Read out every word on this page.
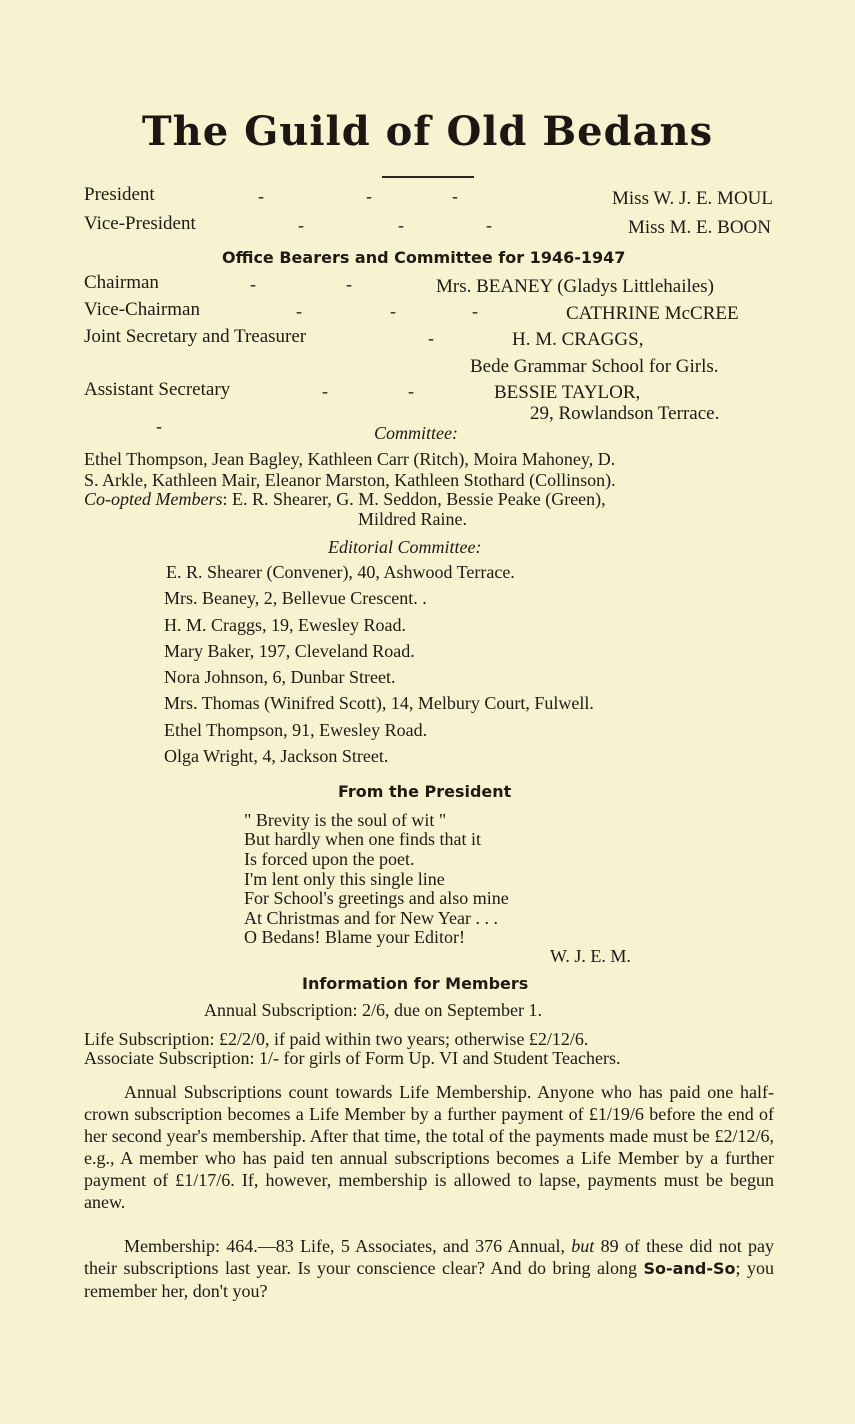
The Guild of Old Bedans
President	-	-	-	Miss W. J. E. MOUL
Vice-President	-	-	-	Miss M. E. BOON
Office Bearers and Committee for 1946-1947
Chairman	-	-	Mrs. BEANEY (Gladys Littlehailes)
Vice-Chairman	-	-	-	CATHRINE McCREE
Joint Secretary and Treasurer	-	H. M. CRAGGS,
Bede Grammar School for Girls.
Assistant Secretary	-	-	BESSIE TAYLOR,
29, Rowlandson Terrace.
-	Committee:
Ethel Thompson, Jean Bagley, Kathleen Carr (Ritch), Moira Mahoney, D.
S. Arkle, Kathleen Mair, Eleanor Marston, Kathleen Stothard (Collinson).
Co-opted Members: E. R. Shearer, G. M. Seddon, Bessie Peake (Green),
Mildred Raine.
Editorial Committee:
E. R. Shearer (Convener), 40, Ashwood Terrace.
Mrs. Beaney, 2, Bellevue Crescent. .
H. M. Craggs, 19, Ewesley Road.
Mary Baker, 197, Cleveland Road.
Nora Johnson, 6, Dunbar Street.
Mrs. Thomas (Winifred Scott), 14, Melbury Court, Fulwell.
Ethel Thompson, 91, Ewesley Road.
Olga Wright, 4, Jackson Street.
From the President
" Brevity is the soul of wit "
But hardly when one finds that it
Is forced upon the poet.
I'm lent only this single line
For School's greetings and also mine
At Christmas and for New Year . . .
O Bedans! Blame your Editor!
W. J. E. M.
Information for Members
Annual Subscription: 2/6, due on September 1.
Life Subscription: £2/2/0, if paid within two years; otherwise £2/12/6.
Associate Subscription: 1/- for girls of Form Up. VI and Student Teachers.
Annual Subscriptions count towards Life Membership. Anyone who has paid one half-crown subscription becomes a Life Member by a further payment of £1/19/6 before the end of her second year's membership. After that time, the total of the payments made must be £2/12/6, e.g., A member who has paid ten annual subscriptions becomes a Life Member by a further payment of £1/17/6. If, however, membership is allowed to lapse, payments must be begun anew.
Membership: 464.—83 Life, 5 Associates, and 376 Annual, but 89 of these did not pay their subscriptions last year. Is your conscience clear? And do bring along So-and-So; you remember her, don't you?
